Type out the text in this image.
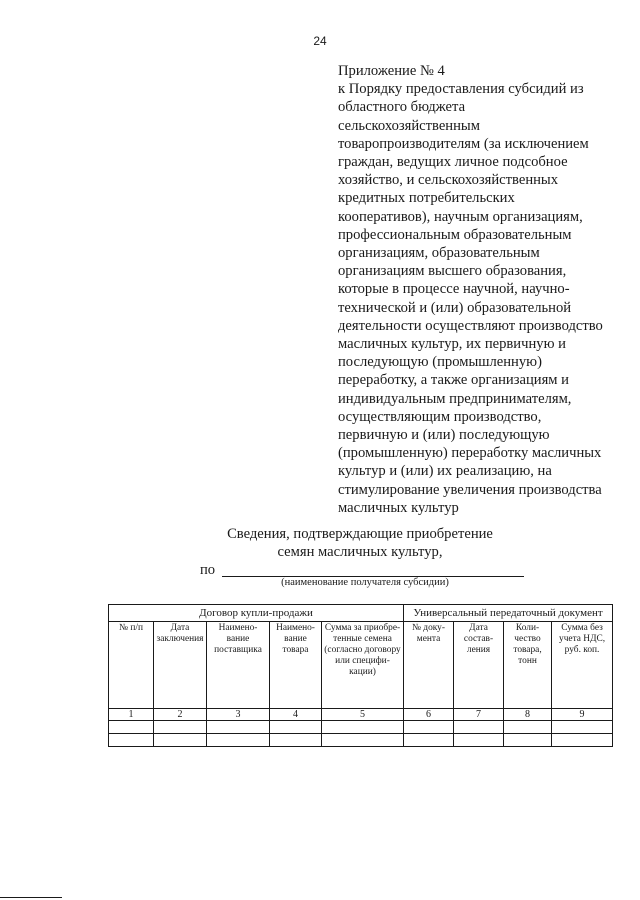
24
Приложение № 4
к Порядку предоставления субсидий из
областного бюджета
сельскохозяйственным
товаропроизводителям (за исключением
граждан, ведущих личное подсобное
хозяйство, и сельскохозяйственных
кредитных потребительских
кооперативов), научным организациям,
профессиональным образовательным
организациям, образовательным
организациям высшего образования,
которые в процессе научной, научно-
технической и (или) образовательной
деятельности осуществляют производство
масличных культур, их первичную и
последующую (промышленную)
переработку, а также организациям и
индивидуальным предпринимателям,
осуществляющим производство,
первичную и (или) последующую
(промышленную) переработку масличных
культур и (или) их реализацию, на
стимулирование увеличения производства
масличных культур
Сведения, подтверждающие приобретение
семян масличных культур,
по
(наименование получателя субсидии)
Договор купли-продажи					Универсальный передаточный документ			
№ п/п	Дата заключения	Наимено-вание поставщика	Наимено-вание товара	Сумма за приобре-тенные семена (согласно договору или специфи-кации)	№ доку-мента	Дата состав-ления	Коли-чество товара, тонн	Сумма без учета НДС, руб. коп.
1	2	3	4	5	6	7	8	9
